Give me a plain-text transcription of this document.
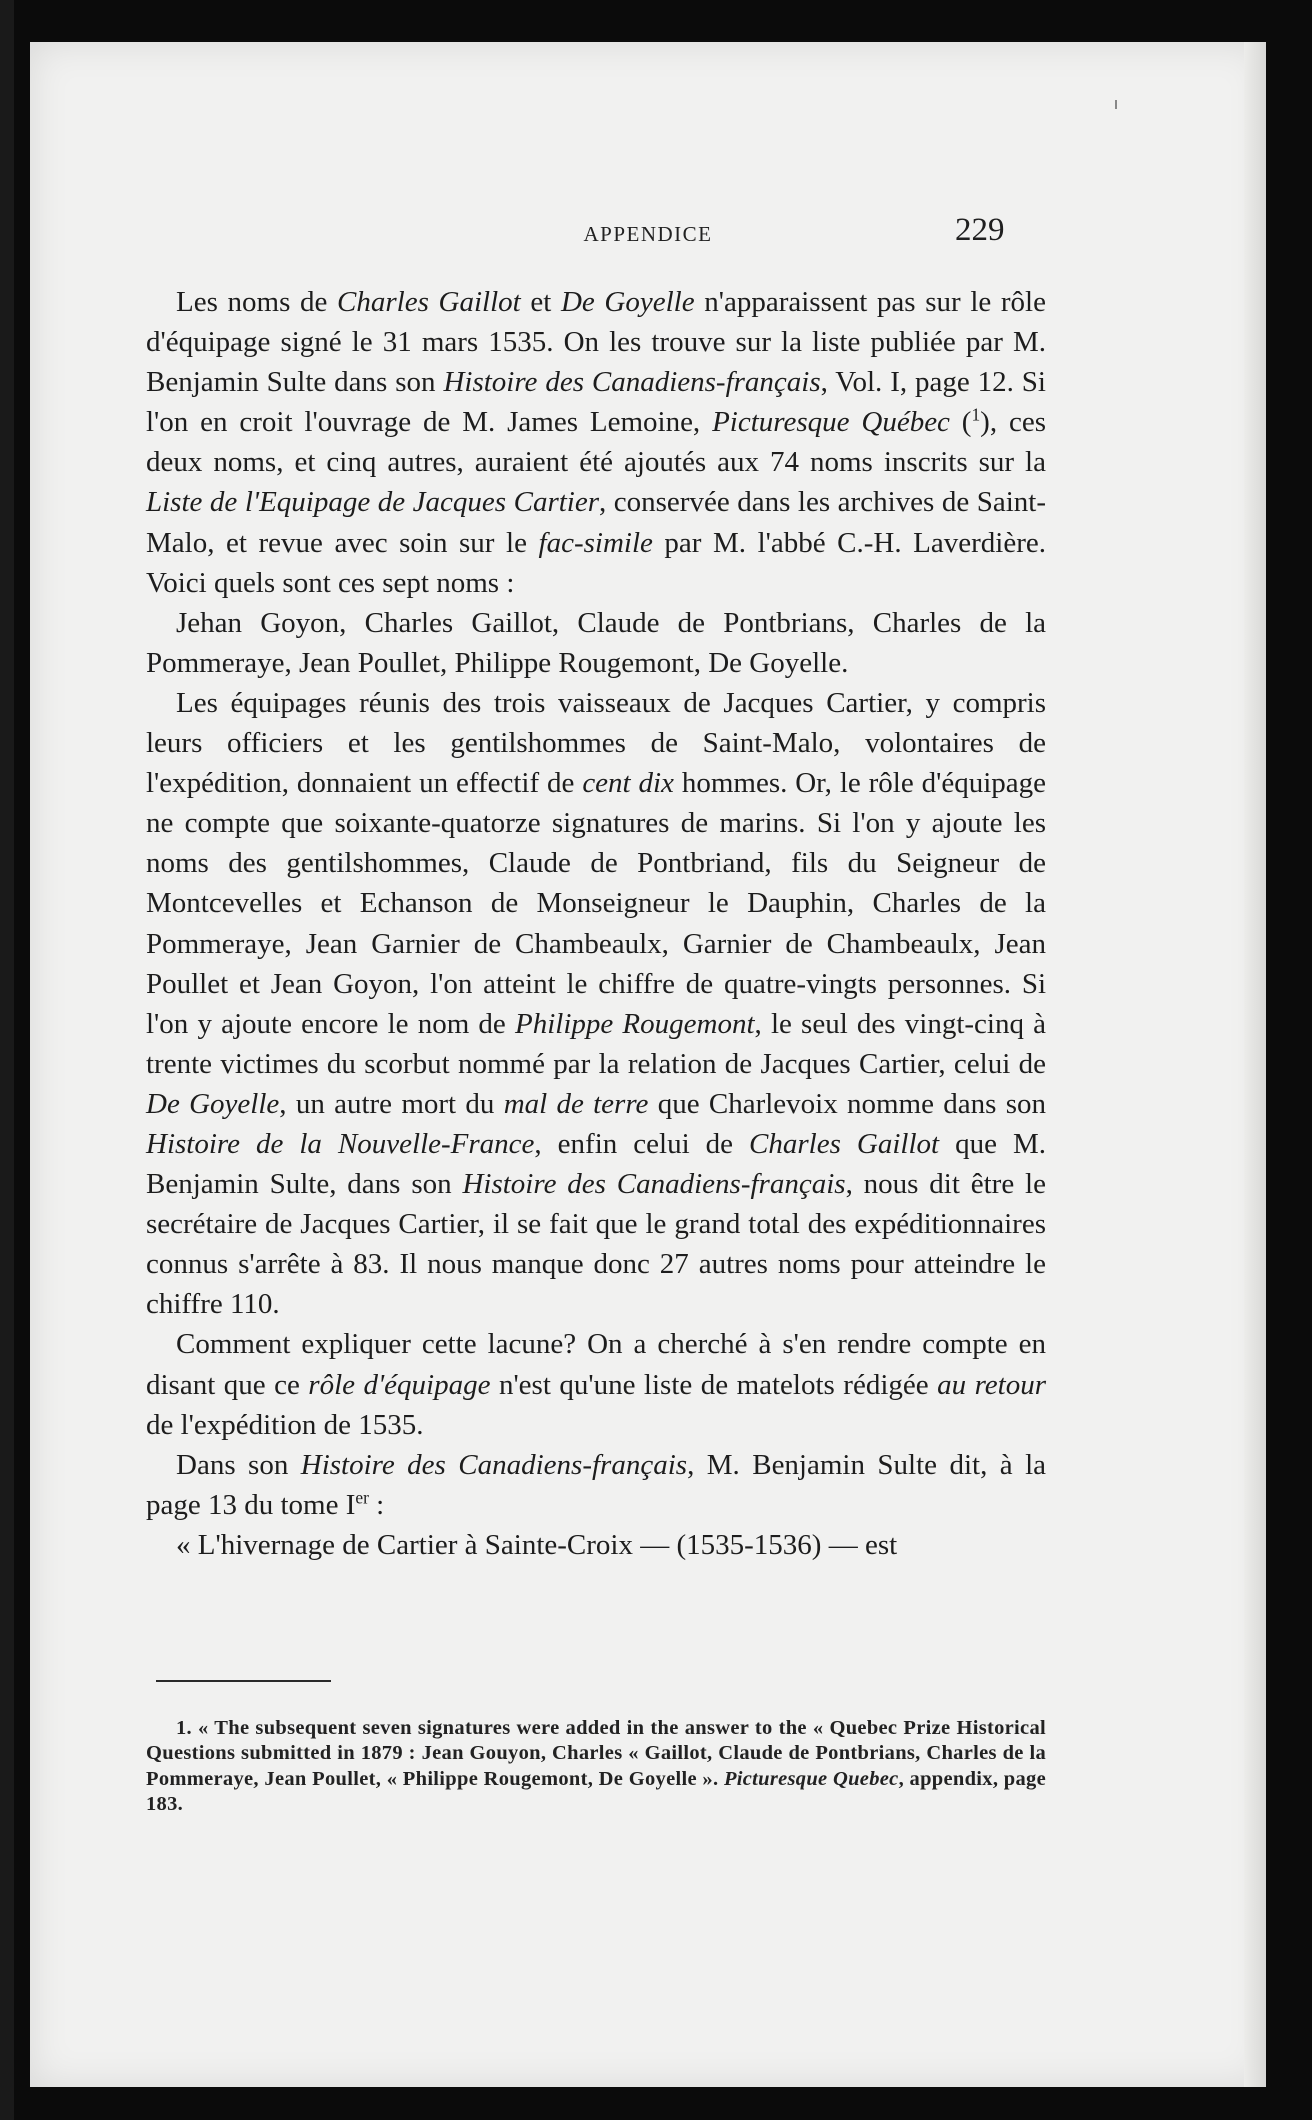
APPENDICE	229

Les noms de Charles Gaillot et De Goyelle n'apparaissent pas sur le rôle d'équipage signé le 31 mars 1535. On les trouve sur la liste publiée par M. Benjamin Sulte dans son Histoire des Canadiens-français, Vol. I, page 12. Si l'on en croit l'ouvrage de M. James Lemoine, Picturesque Québec ($^1$), ces deux noms, et cinq autres, auraient été ajoutés aux 74 noms inscrits sur la Liste de l'Equipage de Jacques Cartier, conservée dans les archives de Saint-Malo, et revue avec soin sur le fac-simile par M. l'abbé C.-H. Laverdière. Voici quels sont ces sept noms :

Jehan Goyon, Charles Gaillot, Claude de Pontbrians, Charles de la Pommeraye, Jean Poullet, Philippe Rougemont, De Goyelle.

Les équipages réunis des trois vaisseaux de Jacques Cartier, y compris leurs officiers et les gentilshommes de Saint-Malo, volontaires de l'expédition, donnaient un effectif de cent dix hommes. Or, le rôle d'équipage ne compte que soixante-quatorze signatures de marins. Si l'on y ajoute les noms des gentilshommes, Claude de Pontbriand, fils du Seigneur de Montcevelles et Echanson de Monseigneur le Dauphin, Charles de la Pommeraye, Jean Garnier de Chambeaulx, Garnier de Chambeaulx, Jean Poullet et Jean Goyon, l'on atteint le chiffre de quatre-vingts personnes. Si l'on y ajoute encore le nom de Philippe Rougemont, le seul des vingt-cinq à trente victimes du scorbut nommé par la relation de Jacques Cartier, celui de De Goyelle, un autre mort du mal de terre que Charlevoix nomme dans son Histoire de la Nouvelle-France, enfin celui de Charles Gaillot que M. Benjamin Sulte, dans son Histoire des Canadiens-français, nous dit être le secrétaire de Jacques Cartier, il se fait que le grand total des expéditionnaires connus s'arrête à 83. Il nous manque donc 27 autres noms pour atteindre le chiffre 110.

Comment expliquer cette lacune? On a cherché à s'en rendre compte en disant que ce rôle d'équipage n'est qu'une liste de matelots rédigée au retour de l'expédition de 1535.

Dans son Histoire des Canadiens-français, M. Benjamin Sulte dit, à la page 13 du tome Ier :

« L'hivernage de Cartier à Sainte-Croix — (1535-1536) — est

1. « The subsequent seven signatures were added in the answer to the « Quebec Prize Historical Questions submitted in 1879 : Jean Gouyon, Charles « Gaillot, Claude de Pontbrians, Charles de la Pommeraye, Jean Poullet, « Philippe Rougemont, De Goyelle ». Picturesque Quebec, appendix, page 183.
